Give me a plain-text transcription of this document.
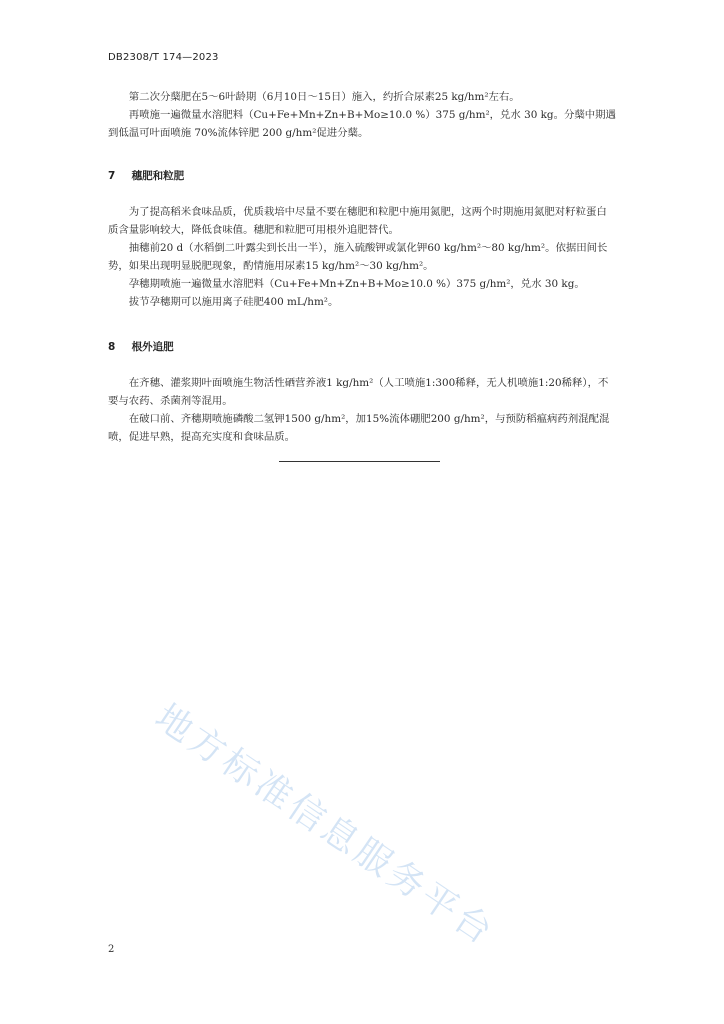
DB2308/T 174—2023

第二次分蘖肥在5～6叶龄期（6月10日～15日）施入，约折合尿素25 kg/hm²左右。

再喷施一遍微量水溶肥料（Cu+Fe+Mn+Zn+B+Mo≥10.0 %）375 g/hm²，兑水 30 kg。分蘖中期遇到低温可叶面喷施 70%流体锌肥 200 g/hm²促进分蘖。

7 穗肥和粒肥

为了提高稻米食味品质，优质栽培中尽量不要在穗肥和粒肥中施用氮肥，这两个时期施用氮肥对籽粒蛋白质含量影响较大，降低食味值。穗肥和粒肥可用根外追肥替代。

抽穗前20 d（水稻倒二叶露尖到长出一半），施入硫酸钾或氯化钾60 kg/hm²～80 kg/hm²。依据田间长势，如果出现明显脱肥现象，酌情施用尿素15 kg/hm²～30 kg/hm²。

孕穗期喷施一遍微量水溶肥料（Cu+Fe+Mn+Zn+B+Mo≥10.0 %）375 g/hm²，兑水 30 kg。

拔节孕穗期可以施用离子硅肥400 mL/hm²。

8 根外追肥

在齐穗、灌浆期叶面喷施生物活性硒营养液1 kg/hm²（人工喷施1:300稀释，无人机喷施1:20稀释），不要与农药、杀菌剂等混用。

在破口前、齐穗期喷施磷酸二氢钾1500 g/hm²，加15%流体硼肥200 g/hm²，与预防稻瘟病药剂混配混喷，促进早熟，提高充实度和食味品质。

地方标准信息服务平台
2
